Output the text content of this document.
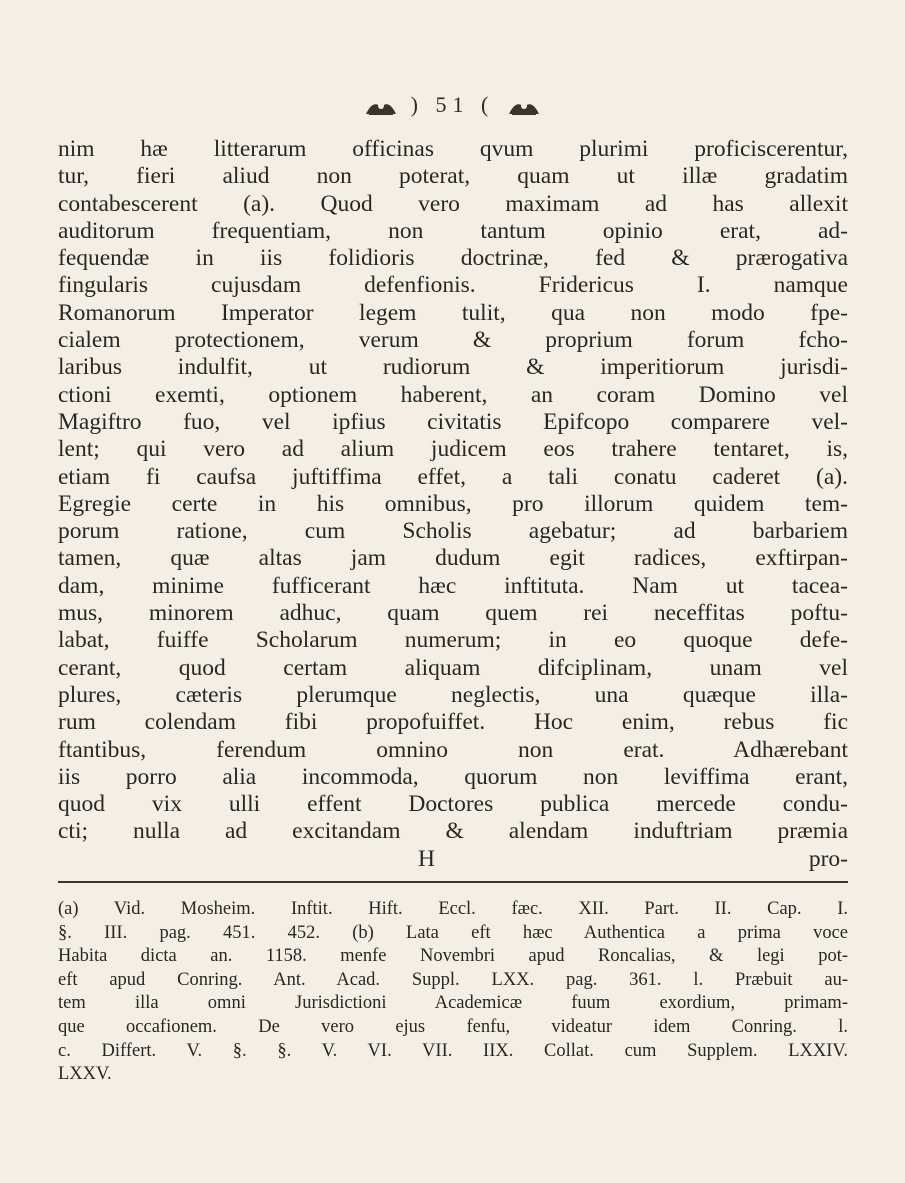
) 51 (
nim hæ litterarum officinas qvum plurimi proficiscerentur,
tur, fieri aliud non poterat, quam ut illæ gradatim
contabescerent (a). Quod vero maximam ad has allexit
auditorum frequentiam, non tantum opinio erat, ad-
fequendæ in iis folidioris doctrinæ, fed & prærogativa
fingularis cujusdam defenfionis. Fridericus I. namque
Romanorum Imperator legem tulit, qua non modo fpe-
cialem protectionem, verum & proprium forum fcho-
laribus indulfit, ut rudiorum & imperitiorum jurisdi-
ctioni exemti, optionem haberent, an coram Domino vel
Magiftro fuo, vel ipfius civitatis Epifcopo comparere vel-
lent; qui vero ad alium judicem eos trahere tentaret, is,
etiam fi caufsa juftiffima effet, a tali conatu caderet (a).
Egregie certe in his omnibus, pro illorum quidem tem-
porum ratione, cum Scholis agebatur; ad barbariem
tamen, quæ altas jam dudum egit radices, exftirpan-
dam, minime fufficerant hæc inftituta. Nam ut tacea-
mus, minorem adhuc, quam quem rei neceffitas poftu-
labat, fuiffe Scholarum numerum; in eo quoque defe-
cerant, quod certam aliquam difciplinam, unam vel
plures, cæteris plerumque neglectis, una quæque illa-
rum colendam fibi propofuiffet. Hoc enim, rebus fic
ftantibus, ferendum omnino non erat. Adhærebant
iis porro alia incommoda, quorum non leviffima erant,
quod vix ulli effent Doctores publica mercede condu-
cti; nulla ad excitandam & alendam induftriam præmia
H	pro-
(a) Vid. Mosheim. Inftit. Hift. Eccl. fæc. XII. Part. II. Cap. I.
§. III. pag. 451. 452. (b) Lata eft hæc Authentica a prima voce
Habita dicta an. 1158. menfe Novembri apud Roncalias, & legi pot-
eft apud Conring. Ant. Acad. Suppl. LXX. pag. 361. l. Præbuit au-
tem illa omni Jurisdictioni Academicæ fuum exordium, primam-
que occafionem. De vero ejus fenfu, videatur idem Conring. l.
c. Differt. V. §. §. V. VI. VII. IIX. Collat. cum Supplem. LXXIV.
LXXV.
